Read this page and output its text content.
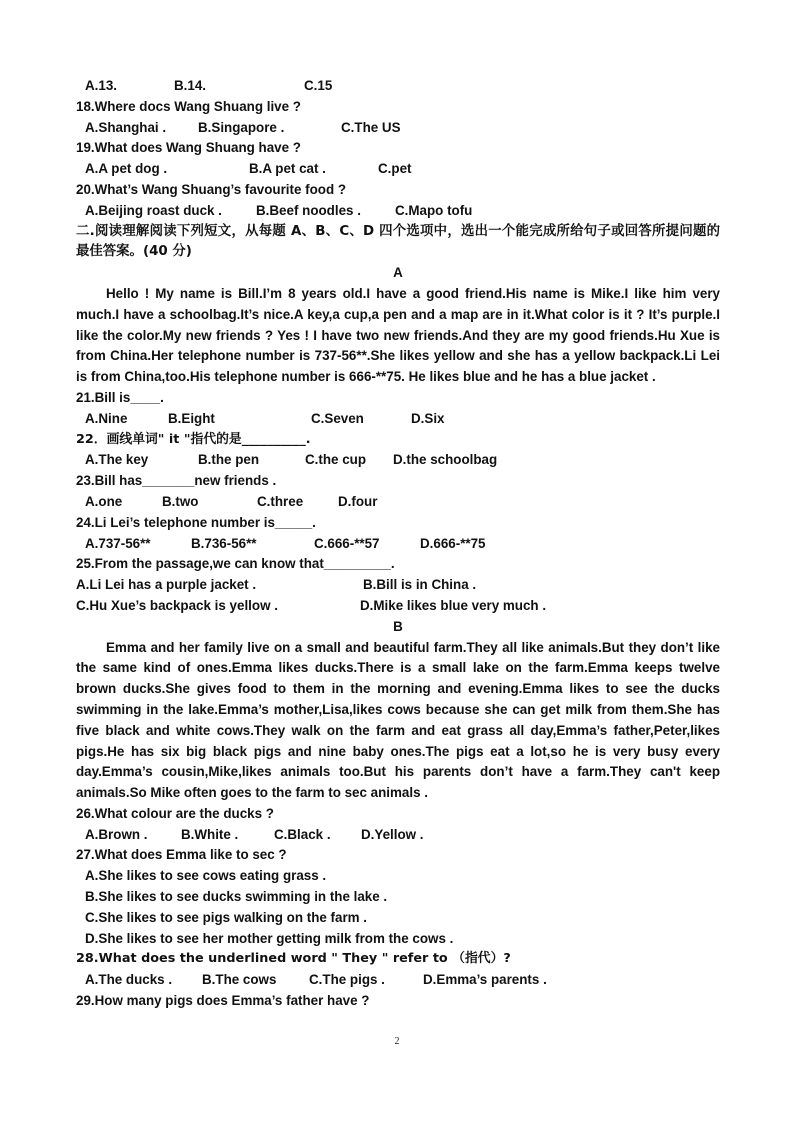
A.13.

	B.14.

	C.15

18.Where docs Wang Shuang live ?

A.Shanghai .

B.Singapore .

	C.The US

19.What does Wang Shuang have ?

A.A pet dog .

	B.A pet cat .

	C.pet

20.What’s Wang Shuang’s favourite food ?

A.Beijing roast duck .

	B.Beef noodles .

	C.Mapo tofu

二.阅读理解阅读下列短文，从每题 A、B、C、D 四个选项中，选出一个能完成所给句子或回答所提问题的最佳答案。(40 分)
A
Hello ! My name is Bill.I’m 8 years old.I have a good friend.His name is Mike.I like him very much.I have a schoolbag.It’s nice.A key,a cup,a pen and a map are in it.What color is it ? It’s purple.I like the color.My new friends ? Yes ! I have two new friends.And they are my good friends.Hu Xue is from China.Her telephone number is 737-56**.She likes yellow and she has a yellow backpack.Li Lei is from China,too.His telephone number is 666-**75. He likes blue and he has a blue jacket .
21.Bill is____.

A.Nine

	B.Eight

	C.Seven

	D.Six

22．画线单词" it "指代的是__________.

A.The key

	B.the pen

	C.the cup

D.the schoolbag

23.Bill has_______new friends .

A.one

	B.two

	C.three

	D.four

24.Li Lei’s telephone number is_____.

A.737-56**

	B.736-56**

	C.666-**57

	D.666-**75

25.From the passage,we can know that_________.

A.Li Lei has a purple jacket .

	B.Bill is in China .

C.Hu Xue’s backpack is yellow .

	D.Mike likes blue very much .

B
Emma and her family live on a small and beautiful farm.They all like animals.But they don’t like the same kind of ones.Emma likes ducks.There is a small lake on the farm.Emma keeps twelve brown ducks.She gives food to them in the morning and evening.Emma likes to see the ducks swimming in the lake.Emma’s mother,Lisa,likes cows because she can get milk from them.She has five black and white cows.They walk on the farm and eat grass all day,Emma’s father,Peter,likes pigs.He has six big black pigs and nine baby ones.The pigs eat a lot,so he is very busy every day.Emma’s cousin,Mike,likes animals too.But his parents don’t have a farm.They can't keep animals.So Mike often goes to the farm to sec animals .
26.What colour are the ducks ?

A.Brown .

	B.White .

	C.Black .

D.Yellow .

27.What does Emma like to sec ?
A.She likes to see cows eating grass .
B.She likes to see ducks swimming in the lake .
C.She likes to see pigs walking on the farm .
D.She likes to see her mother getting milk from the cows .
28.What does the underlined word " They " refer to （指代）?

A.The ducks .

B.The cows

C.The pigs .

	D.Emma’s parents .

29.How many pigs does Emma’s father have ?
2
